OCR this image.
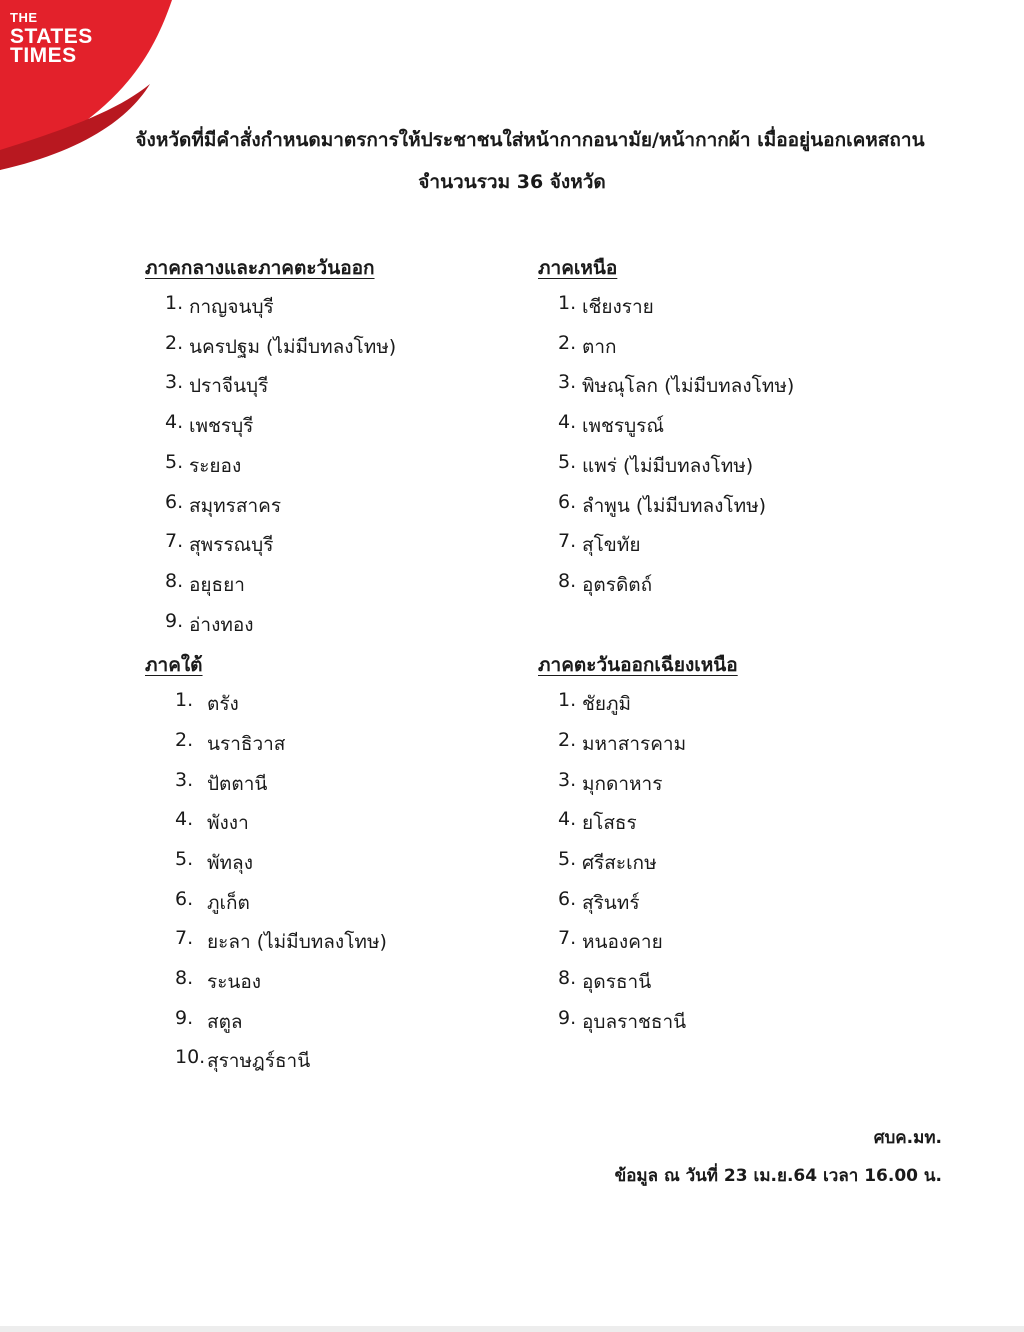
THE
STATES
TIMES
จังหวัดที่มีคำสั่งกำหนดมาตรการให้ประชาชนใส่หน้ากากอนามัย/หน้ากากผ้า เมื่ออยู่นอกเคหสถาน
จำนวนรวม 36 จังหวัด
ภาคกลางและภาคตะวันออก
1. กาญจนบุรี
2. นครปฐม (ไม่มีบทลงโทษ)
3. ปราจีนบุรี
4. เพชรบุรี
5. ระยอง
6. สมุทรสาคร
7. สุพรรณบุรี
8. อยุธยา
9. อ่างทอง
ภาคเหนือ
1. เชียงราย
2. ตาก
3. พิษณุโลก (ไม่มีบทลงโทษ)
4. เพชรบูรณ์
5. แพร่ (ไม่มีบทลงโทษ)
6. ลำพูน (ไม่มีบทลงโทษ)
7. สุโขทัย
8. อุตรดิตถ์
ภาคใต้
1. ตรัง
2. นราธิวาส
3. ปัตตานี
4. พังงา
5. พัทลุง
6. ภูเก็ต
7. ยะลา (ไม่มีบทลงโทษ)
8. ระนอง
9. สตูล
10. สุราษฎร์ธานี
ภาคตะวันออกเฉียงเหนือ
1. ชัยภูมิ
2. มหาสารคาม
3. มุกดาหาร
4. ยโสธร
5. ศรีสะเกษ
6. สุรินทร์
7. หนองคาย
8. อุดรธานี
9. อุบลราชธานี
ศบค.มท.
ข้อมูล ณ วันที่ 23 เม.ย.64 เวลา 16.00 น.
